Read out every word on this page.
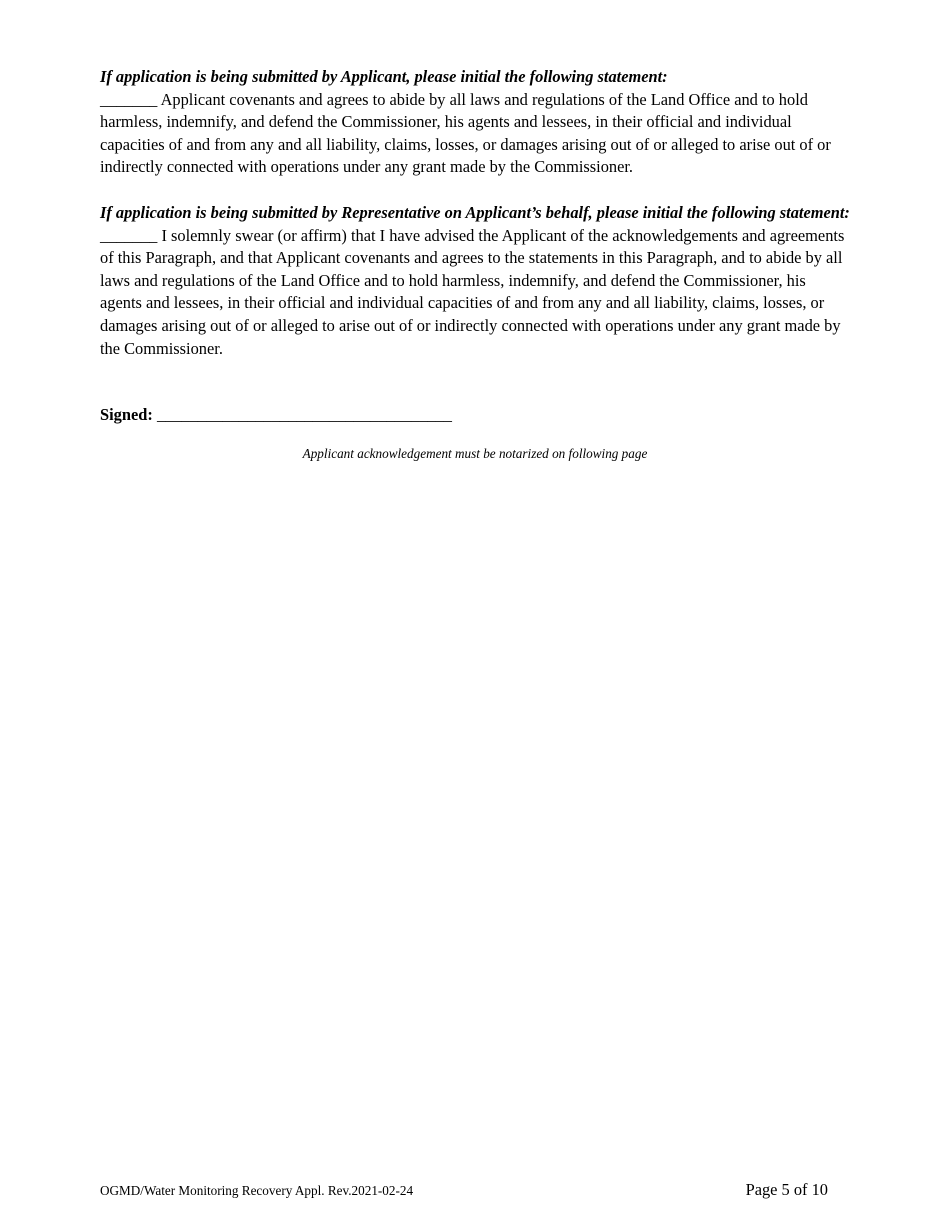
If application is being submitted by Applicant, please initial the following statement:

_______ Applicant covenants and agrees to abide by all laws and regulations of the Land Office and to hold harmless, indemnify, and defend the Commissioner, his agents and lessees, in their official and individual capacities of and from any and all liability, claims, losses, or damages arising out of or alleged to arise out of or indirectly connected with operations under any grant made by the Commissioner.

If application is being submitted by Representative on Applicant’s behalf, please initial the following statement:

_______ I solemnly swear (or affirm) that I have advised the Applicant of the acknowledgements and agreements of this Paragraph, and that Applicant covenants and agrees to the statements in this Paragraph, and to abide by all laws and regulations of the Land Office and to hold harmless, indemnify, and defend the Commissioner, his agents and lessees, in their official and individual capacities of and from any and all liability, claims, losses, or damages arising out of or alleged to arise out of or indirectly connected with operations under any grant made by the Commissioner.

Signed: ____________________________________
Applicant acknowledgement must be notarized on following page
OGMD/Water Monitoring Recovery Appl. Rev.2021-02-24	Page 5 of 10
